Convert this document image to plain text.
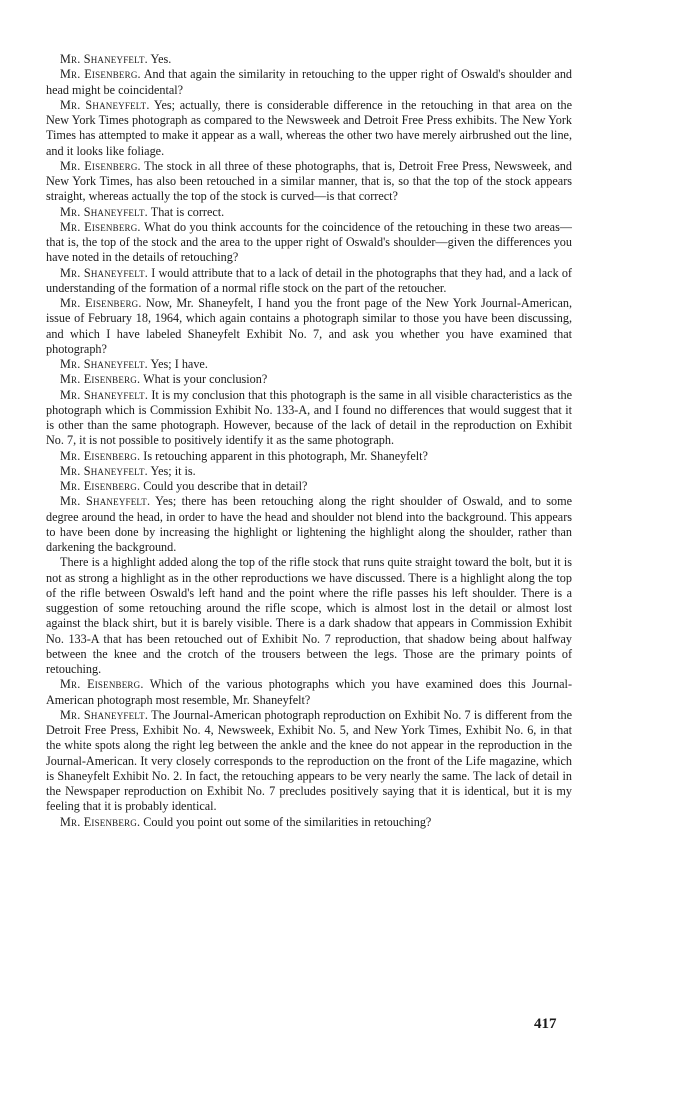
Mr. Shaneyfelt. Yes.

Mr. Eisenberg. And that again the similarity in retouching to the upper right of Oswald's shoulder and head might be coincidental?

Mr. Shaneyfelt. Yes; actually, there is considerable difference in the retouching in that area on the New York Times photograph as compared to the Newsweek and Detroit Free Press exhibits. The New York Times has attempted to make it appear as a wall, whereas the other two have merely airbrushed out the line, and it looks like foliage.

Mr. Eisenberg. The stock in all three of these photographs, that is, Detroit Free Press, Newsweek, and New York Times, has also been retouched in a similar manner, that is, so that the top of the stock appears straight, whereas actually the top of the stock is curved—is that correct?

Mr. Shaneyfelt. That is correct.

Mr. Eisenberg. What do you think accounts for the coincidence of the retouching in these two areas—that is, the top of the stock and the area to the upper right of Oswald's shoulder—given the differences you have noted in the details of retouching?

Mr. Shaneyfelt. I would attribute that to a lack of detail in the photographs that they had, and a lack of understanding of the formation of a normal rifle stock on the part of the retoucher.

Mr. Eisenberg. Now, Mr. Shaneyfelt, I hand you the front page of the New York Journal-American, issue of February 18, 1964, which again contains a photograph similar to those you have been discussing, and which I have labeled Shaneyfelt Exhibit No. 7, and ask you whether you have examined that photograph?

Mr. Shaneyfelt. Yes; I have.

Mr. Eisenberg. What is your conclusion?

Mr. Shaneyfelt. It is my conclusion that this photograph is the same in all visible characteristics as the photograph which is Commission Exhibit No. 133-A, and I found no differences that would suggest that it is other than the same photograph. However, because of the lack of detail in the reproduction on Exhibit No. 7, it is not possible to positively identify it as the same photograph.

Mr. Eisenberg. Is retouching apparent in this photograph, Mr. Shaneyfelt?

Mr. Shaneyfelt. Yes; it is.

Mr. Eisenberg. Could you describe that in detail?

Mr. Shaneyfelt. Yes; there has been retouching along the right shoulder of Oswald, and to some degree around the head, in order to have the head and shoulder not blend into the background. This appears to have been done by increasing the highlight or lightening the highlight along the shoulder, rather than darkening the background.

There is a highlight added along the top of the rifle stock that runs quite straight toward the bolt, but it is not as strong a highlight as in the other reproductions we have discussed. There is a highlight along the top of the rifle between Oswald's left hand and the point where the rifle passes his left shoulder. There is a suggestion of some retouching around the rifle scope, which is almost lost in the detail or almost lost against the black shirt, but it is barely visible. There is a dark shadow that appears in Commission Exhibit No. 133-A that has been retouched out of Exhibit No. 7 reproduction, that shadow being about halfway between the knee and the crotch of the trousers between the legs. Those are the primary points of retouching.

Mr. Eisenberg. Which of the various photographs which you have examined does this Journal-American photograph most resemble, Mr. Shaneyfelt?

Mr. Shaneyfelt. The Journal-American photograph reproduction on Exhibit No. 7 is different from the Detroit Free Press, Exhibit No. 4, Newsweek, Exhibit No. 5, and New York Times, Exhibit No. 6, in that the white spots along the right leg between the ankle and the knee do not appear in the reproduction in the Journal-American. It very closely corresponds to the reproduction on the front of the Life magazine, which is Shaneyfelt Exhibit No. 2. In fact, the retouching appears to be very nearly the same. The lack of detail in the Newspaper reproduction on Exhibit No. 7 precludes positively saying that it is identical, but it is my feeling that it is probably identical.

Mr. Eisenberg. Could you point out some of the similarities in retouching?

417
